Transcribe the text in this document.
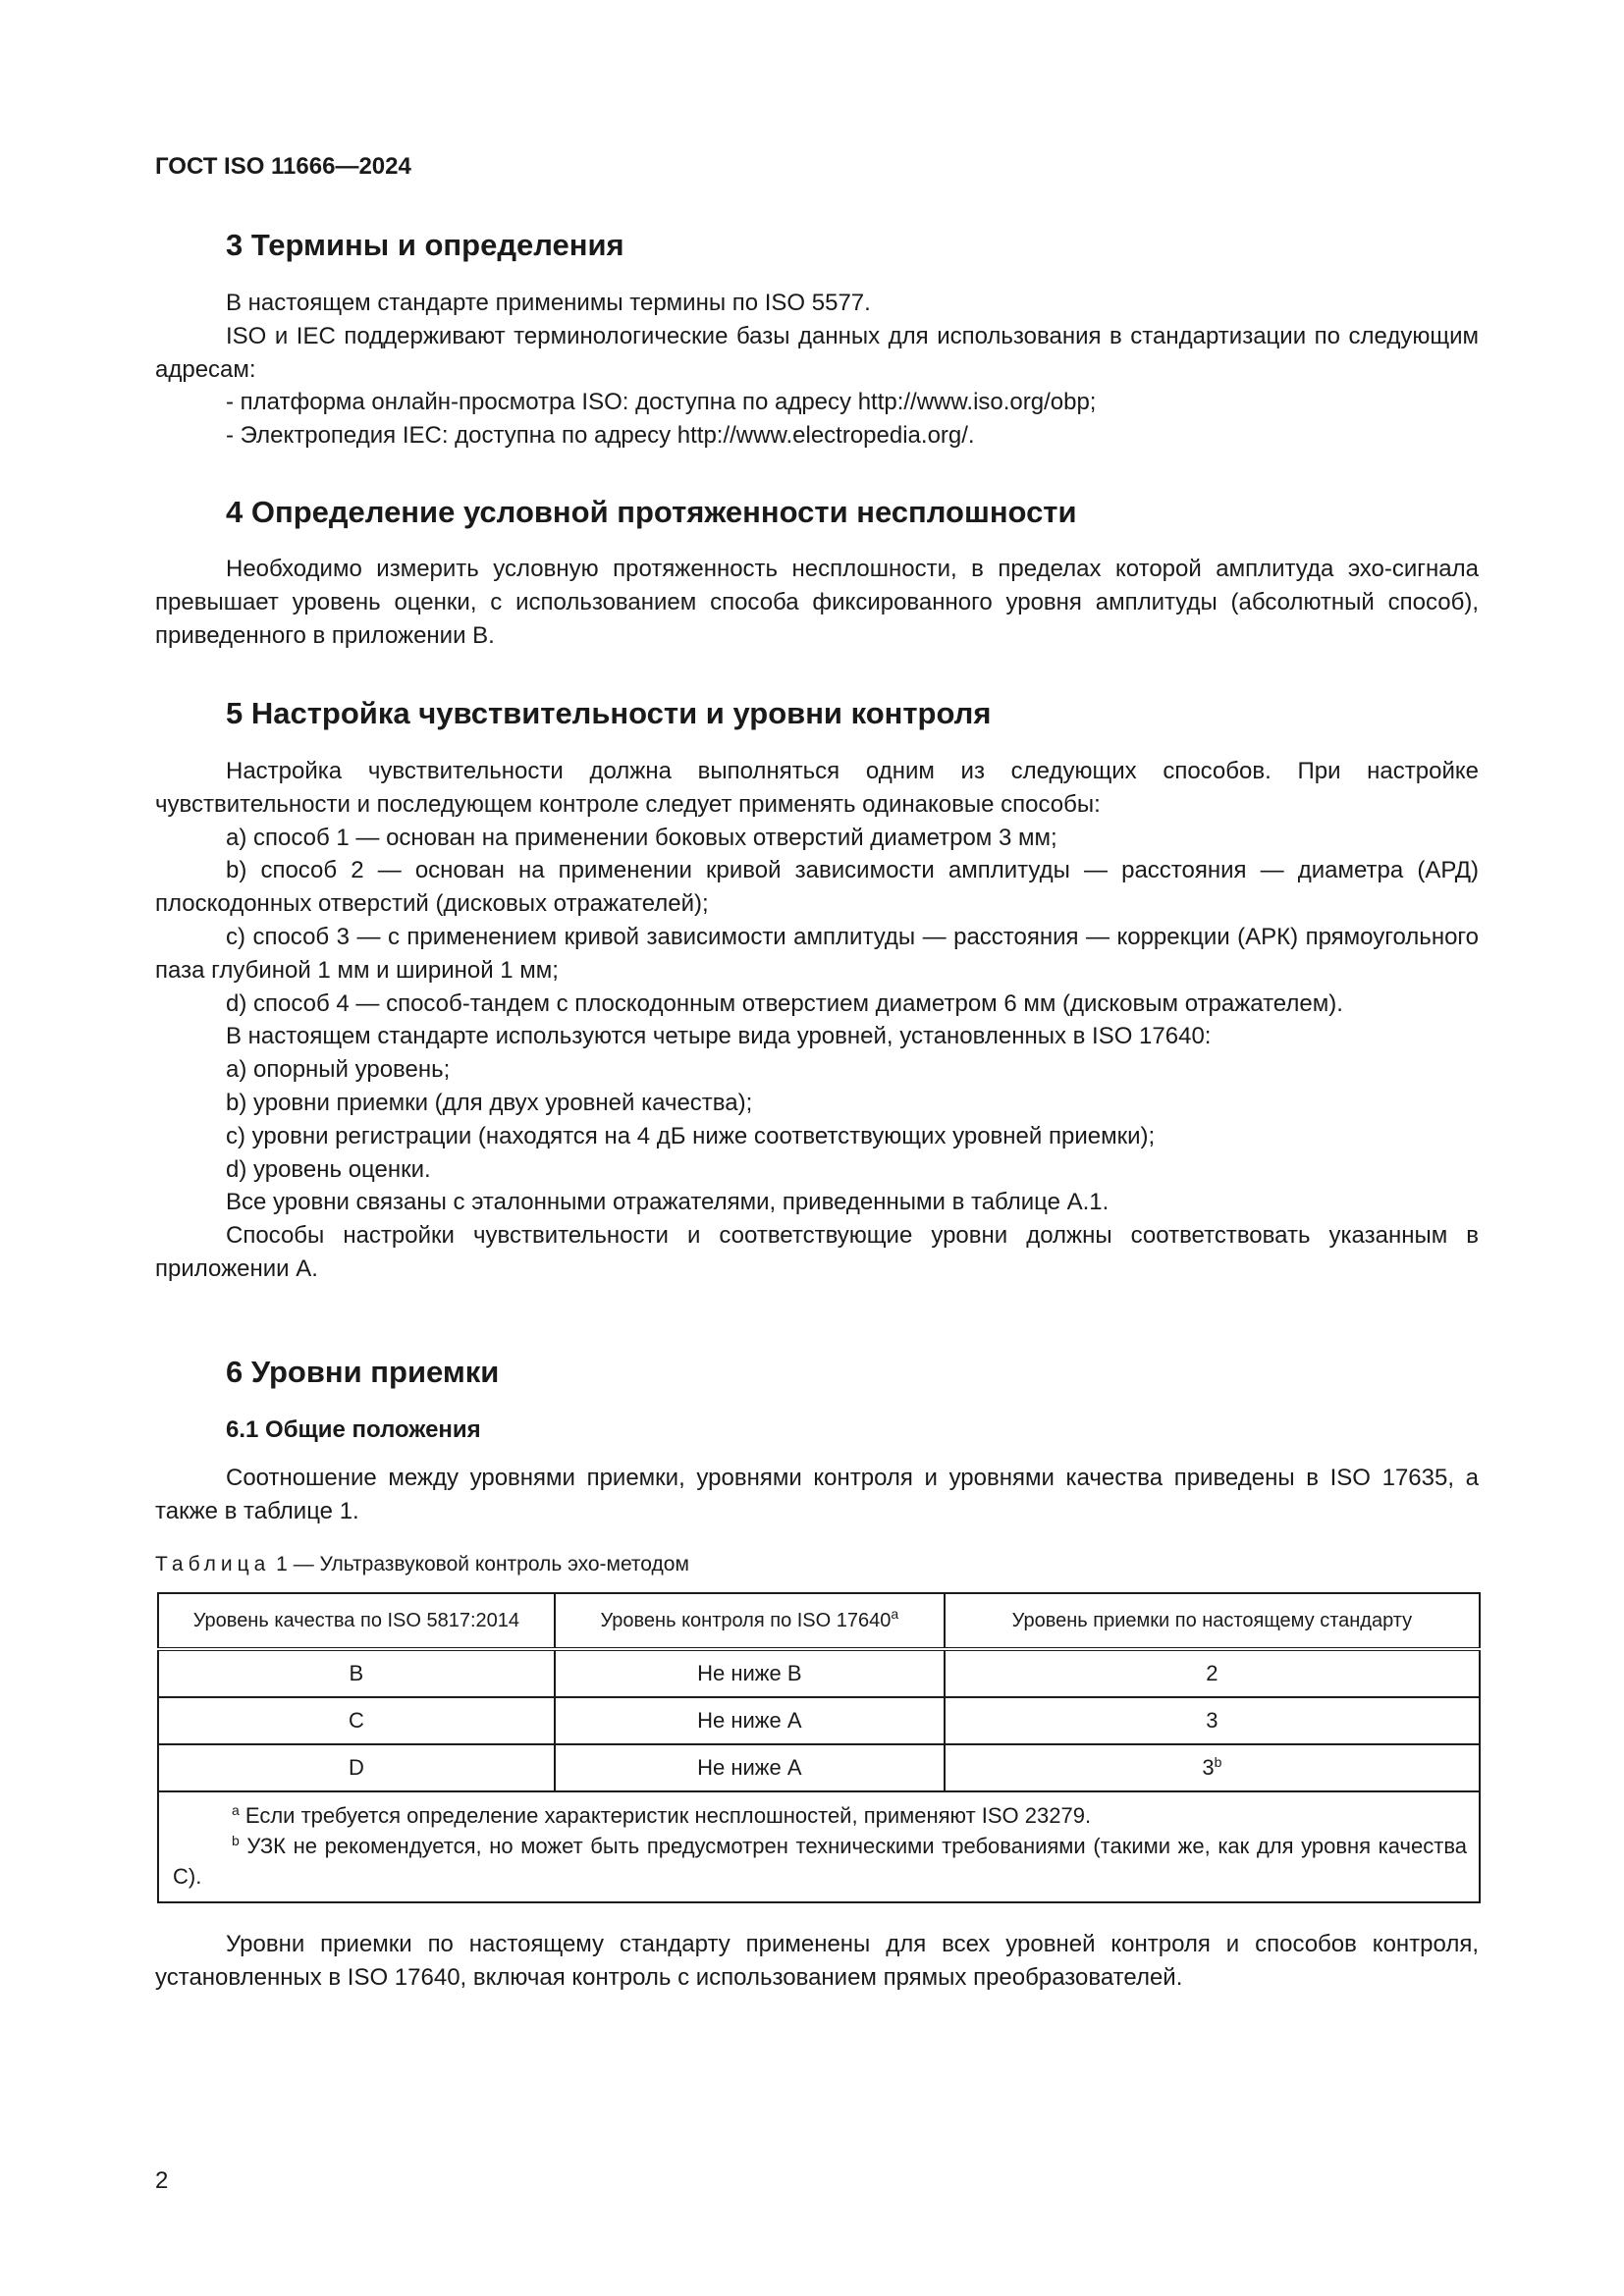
ГОСТ ISO 11666—2024
3 Термины и определения

В настоящем стандарте применимы термины по ISO 5577.

ISO и IEC поддерживают терминологические базы данных для использования в стандартизации по следующим адресам:

- платформа онлайн-просмотра ISO: доступна по адресу http://www.iso.org/obp;

- Электропедия IEC: доступна по адресу http://www.electropedia.org/.

4 Определение условной протяженности несплошности

Необходимо измерить условную протяженность несплошности, в пределах которой амплитуда эхо-сигнала превышает уровень оценки, с использованием способа фиксированного уровня амплитуды (абсолютный способ), приведенного в приложении В.

5 Настройка чувствительности и уровни контроля

Настройка чувствительности должна выполняться одним из следующих способов. При настройке чувствительности и последующем контроле следует применять одинаковые способы:

a) способ 1 — основан на применении боковых отверстий диаметром 3 мм;

b) способ 2 — основан на применении кривой зависимости амплитуды — расстояния — диаметра (АРД) плоскодонных отверстий (дисковых отражателей);

c) способ 3 — с применением кривой зависимости амплитуды — расстояния — коррекции (АРК) прямоугольного паза глубиной 1 мм и шириной 1 мм;

d) способ 4 — способ-тандем с плоскодонным отверстием диаметром 6 мм (дисковым отражателем).

В настоящем стандарте используются четыре вида уровней, установленных в ISO 17640:

a) опорный уровень;

b) уровни приемки (для двух уровней качества);

c) уровни регистрации (находятся на 4 дБ ниже соответствующих уровней приемки);

d) уровень оценки.

Все уровни связаны с эталонными отражателями, приведенными в таблице А.1.

Способы настройки чувствительности и соответствующие уровни должны соответствовать указанным в приложении А.

6 Уровни приемки
6.1 Общие положения

Соотношение между уровнями приемки, уровнями контроля и уровнями качества приведены в ISO 17635, а также в таблице 1.

Таблица 1 — Ультразвуковой контроль эхо-методом
Уровень качества по ISO 5817:2014	Уровень контроля по ISO 17640$^a$	Уровень приемки по настоящему стандарту
B	Не ниже B	2
C	Не ниже A	3
D	Не ниже A	3$^b$

$^a$ Если требуется определение характеристик несплошностей, применяют ISO 23279.
$^b$ УЗК не рекомендуется, но может быть предусмотрен техническими требованиями (такими же, как для уровня качества С).		

Уровни приемки по настоящему стандарту применены для всех уровней контроля и способов контроля, установленных в ISO 17640, включая контроль с использованием прямых преобразователей.

2
